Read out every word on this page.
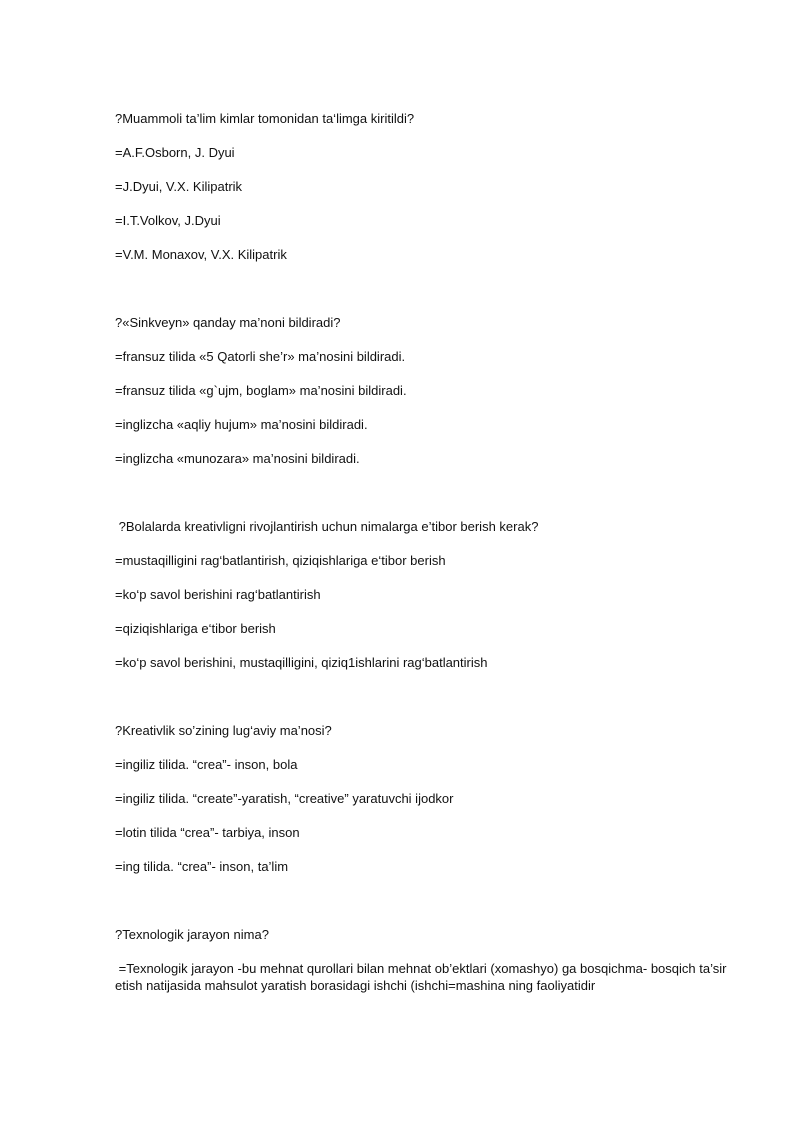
?Muammoli ta’lim kimlar tomonidan ta‘limga kiritildi?

=A.F.Osborn, J. Dyui

=J.Dyui, V.X. Kilipatrik

=I.T.Volkov, J.Dyui

=V.M. Monaxov, V.X. Kilipatrik

?«Sinkveyn» qanday ma’noni bildiradi?

=fransuz tilida «5 Qatorli she’r» ma’nosini bildiradi.

=fransuz tilida «g`ujm, boglam» ma’nosini bildiradi.

=inglizcha «aqliy hujum» ma’nosini bildiradi.

=inglizcha «munozara» ma’nosini bildiradi.

?Bolalarda kreativligni rivojlantirish uchun nimalarga e’tibor berish kerak?

=mustaqilligini rag‘batlantirish, qiziqishlariga e‘tibor berish

=ko‘p savol berishini rag‘batlantirish

=qiziqishlariga e‘tibor berish

=ko‘p savol berishini, mustaqilligini, qiziq1ishlarini rag‘batlantirish

?Kreativlik so’zining lug‘aviy ma’nosi?

=ingiliz tilida. “crea”- inson, bola

=ingiliz tilida. “create”-yaratish, “creative” yaratuvchi ijodkor

=lotin tilida “crea”- tarbiya, inson

=ing tilida. “crea”- inson, ta’lim

?Texnologik jarayon nima?

=Texnologik jarayon -bu mehnat qurollari bilan mehnat ob’ektlari (xomashyo) ga bosqichma- bosqich ta’sir etish natijasida mahsulot yaratish borasidagi ishchi (ishchi=mashina ning faoliyatidir
